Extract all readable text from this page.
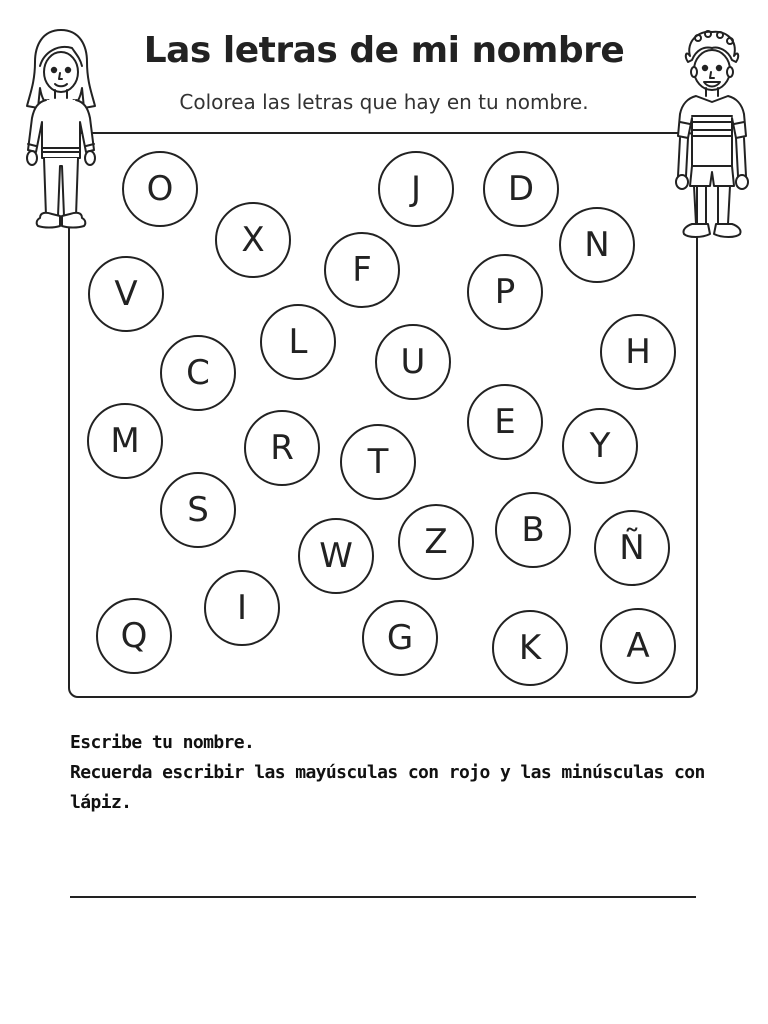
Las letras de mi nombre

Colorea las letras que hay en tu nombre.

O
X
F
J	D
N
V	P
L
C	U	H
E
M	R	T	Y
S	B
Z
W	Ñ
I
Q	G	K	A

Escribe tu nombre.

Recuerda escribir las mayúsculas con rojo y las minúsculas con lápiz.
